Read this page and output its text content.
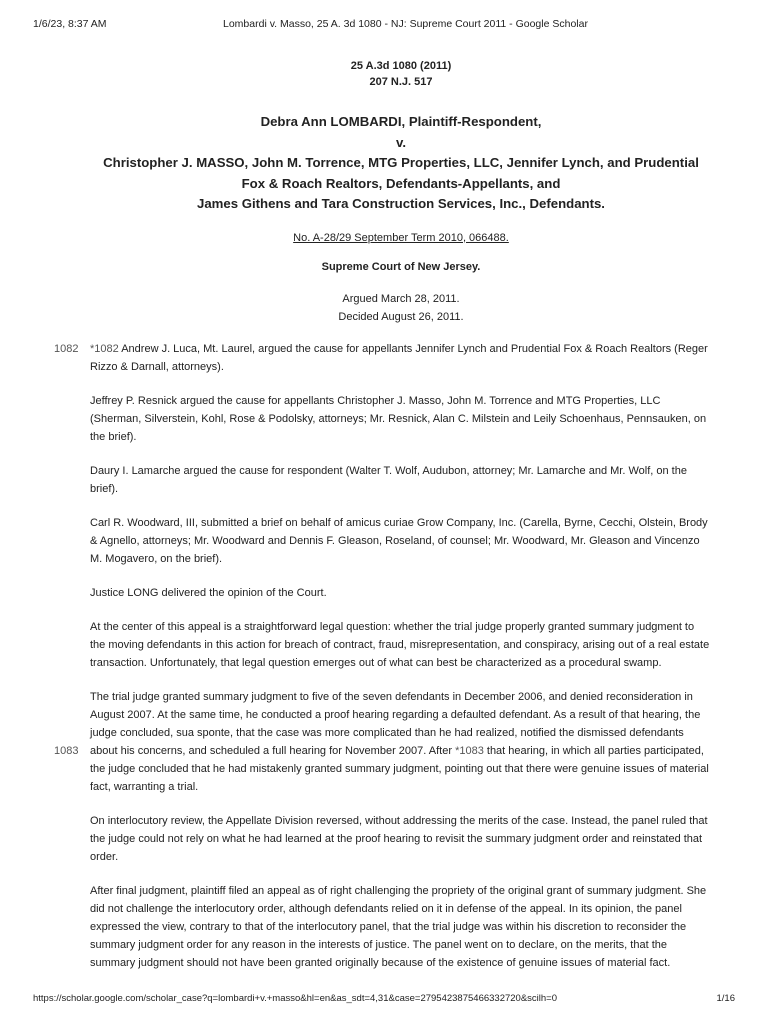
1/6/23, 8:37 AM	Lombardi v. Masso, 25 A. 3d 1080 - NJ: Supreme Court 2011 - Google Scholar
25 A.3d 1080 (2011)
207 N.J. 517
Debra Ann LOMBARDI, Plaintiff-Respondent,
v.
Christopher J. MASSO, John M. Torrence, MTG Properties, LLC, Jennifer Lynch, and Prudential
Fox & Roach Realtors, Defendants-Appellants, and
James Githens and Tara Construction Services, Inc., Defendants.
No. A-28/29 September Term 2010, 066488.
Supreme Court of New Jersey.
Argued March 28, 2011.
Decided August 26, 2011.

1082 *1082 Andrew J. Luca, Mt. Laurel, argued the cause for appellants Jennifer Lynch and Prudential Fox & Roach Realtors (Reger Rizzo & Darnall, attorneys).

Jeffrey P. Resnick argued the cause for appellants Christopher J. Masso, John M. Torrence and MTG Properties, LLC (Sherman, Silverstein, Kohl, Rose & Podolsky, attorneys; Mr. Resnick, Alan C. Milstein and Leily Schoenhaus, Pennsauken, on the brief).

Daury I. Lamarche argued the cause for respondent (Walter T. Wolf, Audubon, attorney; Mr. Lamarche and Mr. Wolf, on the brief).

Carl R. Woodward, III, submitted a brief on behalf of amicus curiae Grow Company, Inc. (Carella, Byrne, Cecchi, Olstein, Brody & Agnello, attorneys; Mr. Woodward and Dennis F. Gleason, Roseland, of counsel; Mr. Woodward, Mr. Gleason and Vincenzo M. Mogavero, on the brief).

Justice LONG delivered the opinion of the Court.

At the center of this appeal is a straightforward legal question: whether the trial judge properly granted summary judgment to the moving defendants in this action for breach of contract, fraud, misrepresentation, and conspiracy, arising out of a real estate transaction. Unfortunately, that legal question emerges out of what can best be characterized as a procedural swamp.

1083
The trial judge granted summary judgment to five of the seven defendants in December 2006, and denied reconsideration in August 2007. At the same time, he conducted a proof hearing regarding a defaulted defendant. As a result of that hearing, the judge concluded, sua sponte, that the case was more complicated than he had realized, notified the dismissed defendants about his concerns, and scheduled a full hearing for November 2007. After *1083 that hearing, in which all parties participated, the judge concluded that he had mistakenly granted summary judgment, pointing out that there were genuine issues of material fact, warranting a trial.

On interlocutory review, the Appellate Division reversed, without addressing the merits of the case. Instead, the panel ruled that the judge could not rely on what he had learned at the proof hearing to revisit the summary judgment order and reinstated that order.

After final judgment, plaintiff filed an appeal as of right challenging the propriety of the original grant of summary judgment. She did not challenge the interlocutory order, although defendants relied on it in defense of the appeal. In its opinion, the panel expressed the view, contrary to that of the interlocutory panel, that the trial judge was within his discretion to reconsider the summary judgment order for any reason in the interests of justice. The panel went on to declare, on the merits, that the summary judgment should not have been granted originally because of the existence of genuine issues of material fact.

https://scholar.google.com/scholar_case?q=lombardi+v.+masso&hl=en&as_sdt=4,31&case=2795423875466332720&scilh=0	1/16
